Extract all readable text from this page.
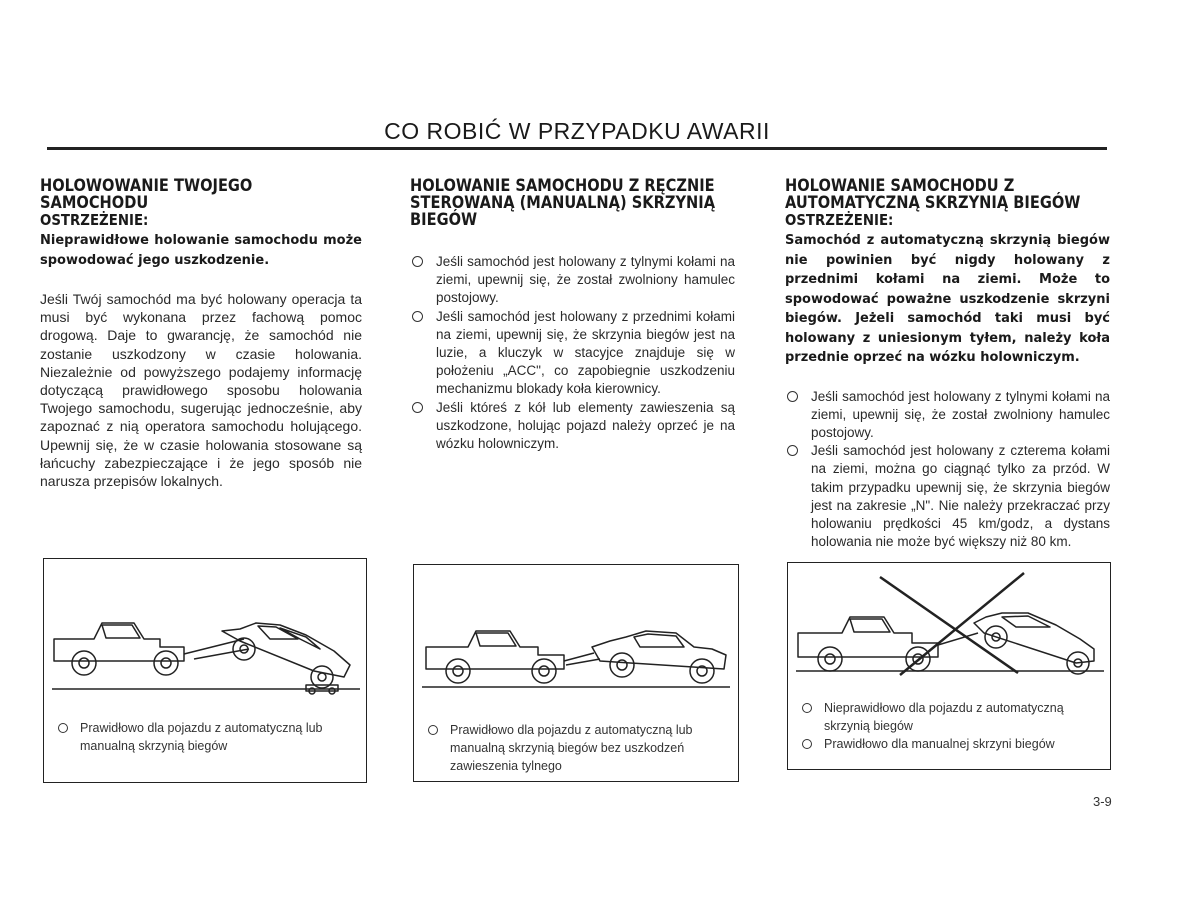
CO ROBIĆ W PRZYPADKU AWARII
HOLOWOWANIE TWOJEGO
SAMOCHODU
OSTRZEŻENIE:
Nieprawidłowe holowanie samochodu może spowodować jego uszkodzenie.
Jeśli Twój samochód ma być holowany operacja ta musi być wykonana przez fachową pomoc drogową. Daje to gwarancję, że samochód nie zostanie uszkodzony w czasie holowania. Niezależnie od powyższego podajemy informację dotyczącą prawidłowego sposobu holowania Twojego samochodu, sugerując jednocześnie, aby zapoznać z nią operatora samochodu holującego. Upewnij się, że w czasie holowania stosowane są łańcuchy zabezpieczające i że jego sposób nie narusza przepisów lokalnych.
HOLOWANIE SAMOCHODU Z RĘCZNIE
STEROWANĄ (MANUALNĄ) SKRZYNIĄ
BIEGÓW
Jeśli samochód jest holowany z tylnymi kołami na ziemi, upewnij się, że został zwolniony hamulec postojowy.
Jeśli samochód jest holowany z przednimi kołami na ziemi, upewnij się, że skrzynia biegów jest na luzie, a kluczyk w stacyjce znajduje się w położeniu „ACC", co zapobiegnie uszkodzeniu mechanizmu blokady koła kierownicy.
Jeśli któreś z kół lub elementy zawieszenia są uszkodzone, holując pojazd należy oprzeć je na wózku holowniczym.
HOLOWANIE SAMOCHODU Z
AUTOMATYCZNĄ SKRZYNIĄ BIEGÓW
OSTRZEŻENIE:
Samochód z automatyczną skrzynią biegów nie powinien być nigdy holowany z przednimi kołami na ziemi. Może to spowodować poważne uszkodzenie skrzyni biegów. Jeżeli samochód taki musi być holowany z uniesionym tyłem, należy koła przednie oprzeć na wózku holowniczym.
Jeśli samochód jest holowany z tylnymi kołami na ziemi, upewnij się, że został zwolniony hamulec postojowy.
Jeśli samochód jest holowany z czterema kołami na ziemi, można go ciągnąć tylko za przód. W takim przypadku upewnij się, że skrzynia biegów jest na zakresie „N". Nie należy przekraczać przy holowaniu prędkości 45 km/godz, a dystans holowania nie może być większy niż 80 km.
Prawidłowo dla pojazdu z automatyczną lub manualną skrzynią biegów
Prawidłowo dla pojazdu z automatyczną lub manualną skrzynią biegów bez uszkodzeń zawieszenia tylnego
Nieprawidłowo dla pojazdu z automatyczną skrzynią biegów
Prawidłowo dla manualnej skrzyni biegów
3-9
